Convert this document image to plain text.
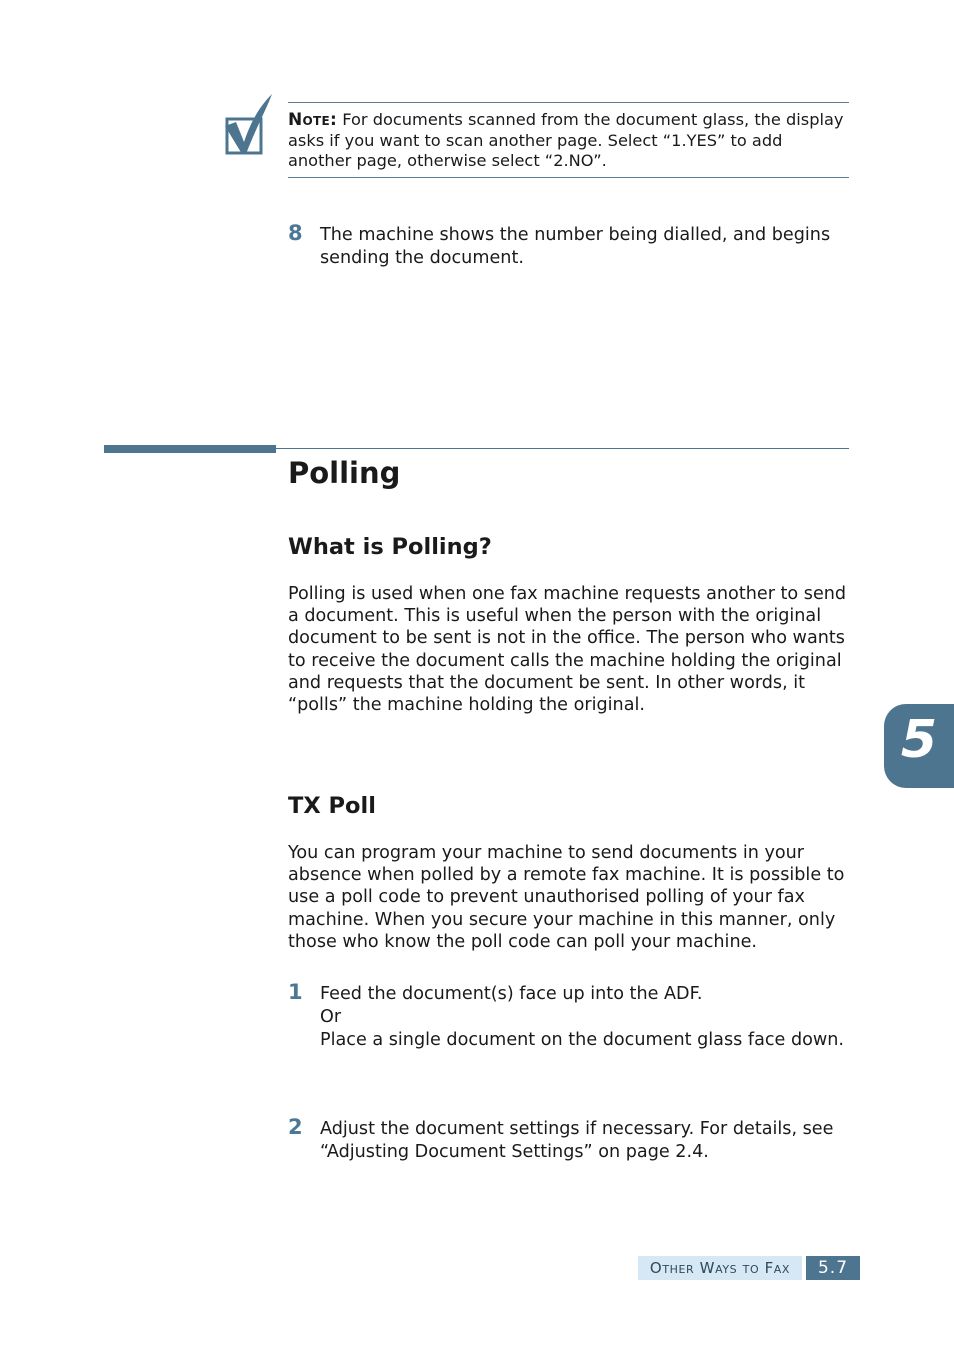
Note: For documents scanned from the document glass, the display asks if you want to scan another page. Select “1.YES” to add another page, otherwise select “2.NO”.
8 The machine shows the number being dialled, and begins sending the document.

Polling
What is Polling?

Polling is used when one fax machine requests another to send a document. This is useful when the person with the original document to be sent is not in the office. The person who wants to receive the document calls the machine holding the original and requests that the document be sent. In other words, it “polls” the machine holding the original.

TX Poll

You can program your machine to send documents in your absence when polled by a remote fax machine. It is possible to use a poll code to prevent unauthorised polling of your fax machine. When you secure your machine in this manner, only those who know the poll code can poll your machine.

1 Feed the document(s) face up into the ADF.

Or

Place a single document on the document glass face down.

2 Adjust the document settings if necessary. For details, see “Adjusting Document Settings” on page 2.4.

5
Other Ways to Fax	5.7
